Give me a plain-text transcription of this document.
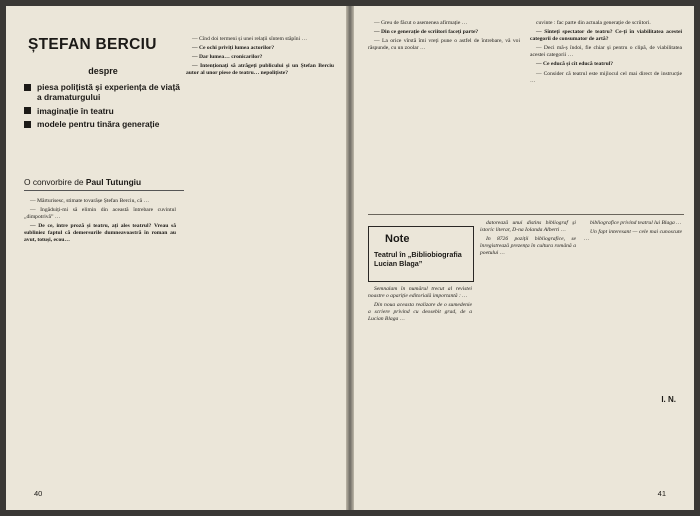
ȘTEFAN BERCIU
despre
piesa polițistă și experiența de viață a dramaturgului
imaginație în teatru
modele pentru tinăra generație
O convorbire de Paul Tutungiu

— Mărturisesc, stimate tovarășe Ștefan Berciu, că …

— Ingăduiți-mi să elimin din această întrebare cuvintul „dimpotrivă” …

— De ce, intre proză și teatru, ați ales teatrul? Vreau să subliniez faptul că demersurile dumneavoastră în roman au avut, totuși, ecou…

— Cînd doi termeni și unei relații sîntem stăpîni …

— Ce ochi priviți lumea actorilor?

— Dar lumea… cronicarilor?

— Intenționați să atrăgeți publicului și un Ștefan Berciu autor al unor piese de teatru… nepolițiste?

40

— Greu de făcut o asemenea afirmație …

— Din ce generație de scriitori faceți parte?

— La orice vîrstă îmi vreți pune o astfel de întrebare, vă voi răspunde, cu un zoolar …

cuvinte : fac parte din actuala generație de scriitori.

— Sînteți spectator de teatru? Ce-ți în viabilitatea acestei categorii de consumator de artă?

— Deci mă-ș îndoi, fie chiar și pentru o clipă, de viabilitatea acestei categorii …

— Ce educă și cît educă teatrul?

— Consider că teatrul este mijlocul cel mai direct de instrucție …

Note
Teatrul în „Bibliobiografia Lucian Blaga”

Semnalam în numărul trecut al revistei noastre o apariție editorială importantă : …

Din noua aceasta realizare de o sumedenie a scriere privind cu deosebit grad, de a Lucian Blaga …

datorează unui distins bibliograf și istoric literar, D-na Iolanda Alberti …

In 8726 poziții bibliografice, se înregistrează prezența în cultura română a poetului …

bibliografice privind teatrul lui Blaga …

Un fapt interesant — cele mai cunoscute …

I. N.
41
